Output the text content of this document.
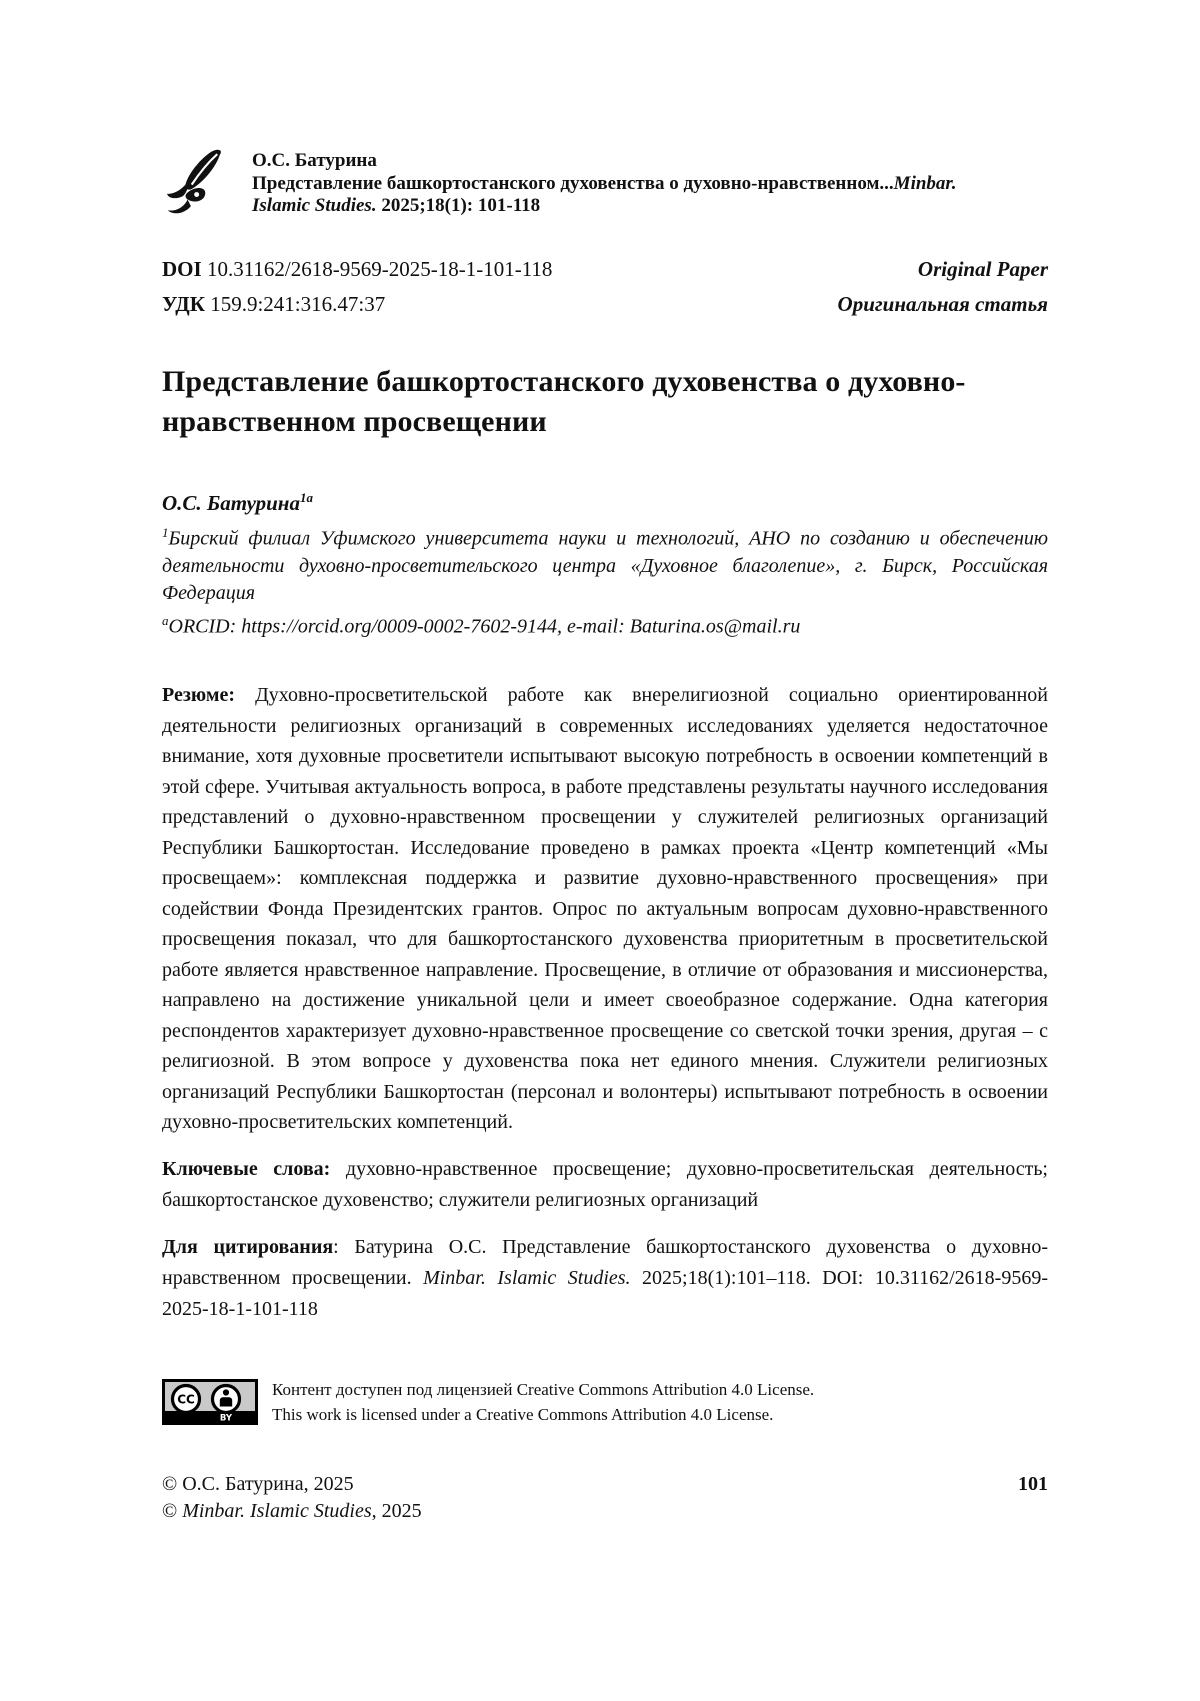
О.С. Батурина
Представление башкортостанского духовенства о духовно-нравственном...Minbar.
Islamic Studies. 2025;18(1): 101-118
DOI 10.31162/2618-9569-2025-18-1-101-118	Original Paper
УДК 159.9:241:316.47:37	Оригинальная статья
Представление башкортостанского духовенства о духовно-нравственном просвещении

О.С. Батурина$^{1a}$

$^1$Бирский филиал Уфимского университета науки и технологий, АНО по созданию и обеспечению деятельности духовно-просветительского центра «Духовное благолепие», г. Бирск, Российская Федерация

$^a$ORCID: https://orcid.org/0009-0002-7602-9144, e-mail: Baturina.os@mail.ru

Резюме: Духовно-просветительской работе как внерелигиозной социально ориентированной деятельности религиозных организаций в современных исследованиях уделяется недостаточное внимание, хотя духовные просветители испытывают высокую потребность в освоении компетенций в этой сфере. Учитывая актуальность вопроса, в работе представлены результаты научного исследования представлений о духовно-нравственном просвещении у служителей религиозных организаций Республики Башкортостан. Исследование проведено в рамках проекта «Центр компетенций «Мы просвещаем»: комплексная поддержка и развитие духовно-нравственного просвещения» при содействии Фонда Президентских грантов. Опрос по актуальным вопросам духовно-нравственного просвещения показал, что для башкортостанского духовенства приоритетным в просветительской работе является нравственное направление. Просвещение, в отличие от образования и миссионерства, направлено на достижение уникальной цели и имеет своеобразное содержание. Одна категория респондентов характеризует духовно-нравственное просвещение со светской точки зрения, другая – с религиозной. В этом вопросе у духовенства пока нет единого мнения. Служители религиозных организаций Республики Башкортостан (персонал и волонтеры) испытывают потребность в освоении духовно-просветительских компетенций.

Ключевые слова: духовно-нравственное просвещение; духовно-просветительская деятельность; башкортостанское духовенство; служители религиозных организаций

Для цитирования: Батурина О.С. Представление башкортостанского духовенства о духовно-нравственном просвещении. Minbar. Islamic Studies. 2025;18(1):101–118. DOI: 10.31162/2618-9569-2025-18-1-101-118

CC
BY
Контент доступен под лицензией Creative Commons Attribution 4.0 License.
This work is licensed under a Creative Commons Attribution 4.0 License.
© О.С. Батурина, 2025
© Minbar. Islamic Studies, 2025
101
